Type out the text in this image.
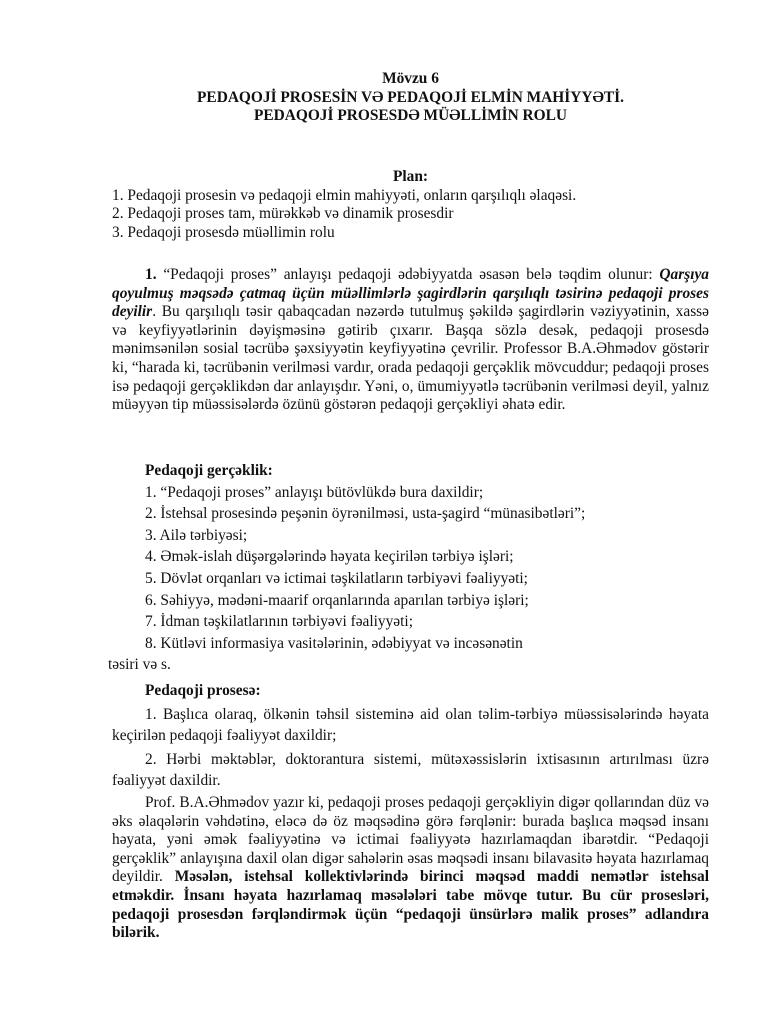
Mövzu 6

PEDAQOJİ PROSESİN VƏ PEDAQOJİ ELMİN MAHİYYƏTİ.

PEDAQOJİ PROSESDƏ MÜƏLLİMİN ROLU

Plan:

1. Pedaqoji prosesin və pedaqoji elmin mahiyyəti, onların qarşılıqlı əlaqəsi.

2. Pedaqoji proses tam, mürəkkəb və dinamik prosesdir

3. Pedaqoji prosesdə müəllimin rolu

1. “Pedaqoji proses” anlayışı pedaqoji ədəbiyyatda əsasən belə təqdim olunur: Qarşıya qoyulmuş məqsədə çatmaq üçün müəllimlərlə şagirdlərin qarşılıqlı təsirinə pedaqoji proses deyilir. Bu qarşılıqlı təsir qabaqcadan nəzərdə tutulmuş şəkildə şagirdlərin vəziyyətinin, xassə və keyfiyyətlərinin dəyişməsinə gətirib çıxarır. Başqa sözlə desək, pedaqoji prosesdə mənimsənilən sosial təcrübə şəxsiyyətin keyfiyyətinə çevrilir. Professor B.A.Əhmədov göstərir ki, “harada ki, təcrübənin verilməsi vardır, orada pedaqoji gerçəklik mövcuddur; pedaqoji proses isə pedaqoji gerçəklikdən dar anlayışdır. Yəni, o, ümumiyyətlə təcrübənin verilməsi deyil, yalnız müəyyən tip müəssisələrdə özünü göstərən pedaqoji gerçəkliyi əhatə edir.

Pedaqoji gerçəklik:

1. “Pedaqoji proses” anlayışı bütövlükdə bura daxildir;

2. İstehsal prosesində peşənin öyrənilməsi, usta-şagird “münasibətləri”;

3. Ailə tərbiyəsi;

4. Əmək-islah düşərgələrində həyata keçirilən tərbiyə işləri;

5. Dövlət orqanları və ictimai təşkilatların tərbiyəvi fəaliyyəti;

6. Səhiyyə, mədəni-maarif orqanlarında aparılan tərbiyə işləri;

7. İdman təşkilatlarının tərbiyəvi fəaliyyəti;

8. Kütləvi informasiya vasitələrinin, ədəbiyyat və incəsənətin

təsiri və s.

Pedaqoji prosesə:

1. Başlıca olaraq, ölkənin təhsil sisteminə aid olan təlim-tərbiyə müəssisələrində həyata keçirilən pedaqoji fəaliyyət daxildir;

2. Hərbi məktəblər, doktorantura sistemi, mütəxəssislərin ixtisasının artırılması üzrə fəaliyyət daxildir.

Prof. B.A.Əhmədov yazır ki, pedaqoji proses pedaqoji gerçəkliyin digər qollarından düz və əks əlaqələrin vəhdətinə, eləcə də öz məqsədinə görə fərqlənir: burada başlıca məqsəd insanı həyata, yəni əmək fəaliyyətinə və ictimai fəaliyyətə hazırlamaqdan ibarətdir. “Pedaqoji gerçəklik” anlayışına daxil olan digər sahələrin əsas məqsədi insanı bilavasitə həyata hazırlamaq deyildir. Məsələn, istehsal kollektivlərində birinci məqsəd maddi nemətlər istehsal etməkdir. İnsanı həyata hazırlamaq məsələləri tabe mövqe tutur. Bu cür prosesləri, pedaqoji prosesdən fərqləndirmək üçün “pedaqoji ünsürlərə malik proses” adlandıra bilərik.
